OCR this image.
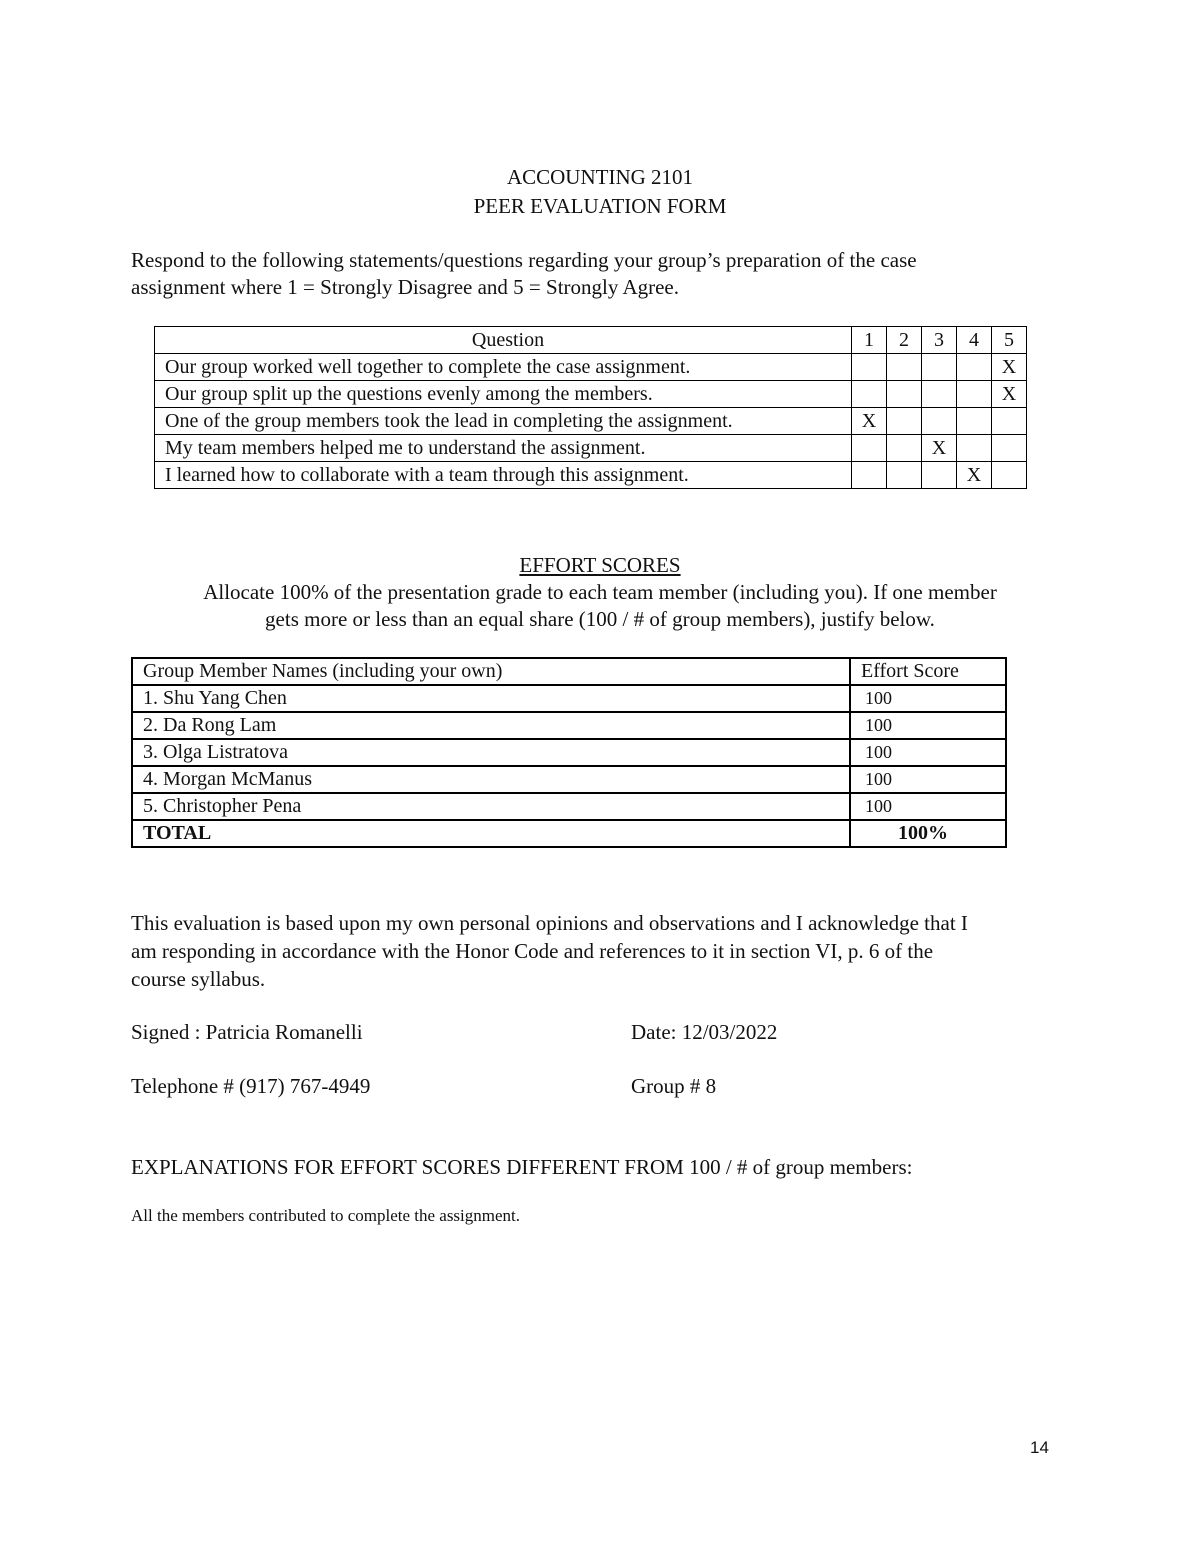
ACCOUNTING 2101
PEER EVALUATION FORM
Respond to the following statements/questions regarding your group’s preparation of the case
assignment where 1 = Strongly Disagree and 5 = Strongly Agree.
Question	1	2	3	4	5
Our group worked well together to complete the case assignment.					X
Our group split up the questions evenly among the members.					X
One of the group members took the lead in completing the assignment.	X				
My team members helped me to understand the assignment.			X		
I learned how to collaborate with a team through this assignment.				X	
EFFORT SCORES
Allocate 100% of the presentation grade to each team member (including you). If one member
gets more or less than an equal share (100 / # of group members), justify below.
Group Member Names (including your own)	Effort Score
1. Shu Yang Chen	100
2. Da Rong Lam	100
3. Olga Listratova	100
4. Morgan McManus	100
5. Christopher Pena	100
TOTAL	100%
This evaluation is based upon my own personal opinions and observations and I acknowledge that I
am responding in accordance with the Honor Code and references to it in section VI, p. 6 of the
course syllabus.
Signed : Patricia Romanelli	Date: 12/03/2022
Telephone # (917) 767-4949	Group # 8
EXPLANATIONS FOR EFFORT SCORES DIFFERENT FROM 100 / # of group members:
All the members contributed to complete the assignment.
14
